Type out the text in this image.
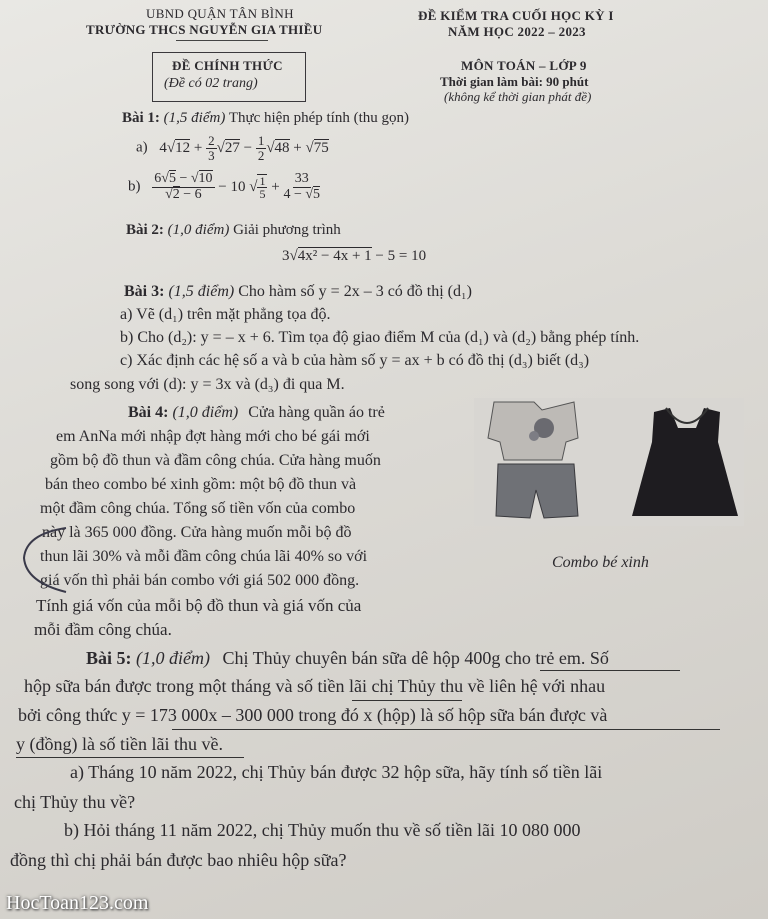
UBND QUẬN TÂN BÌNH
TRƯỜNG THCS NGUYỄN GIA THIỀU
ĐỀ KIỂM TRA CUỐI HỌC KỲ I
NĂM HỌC 2022 – 2023
ĐỀ CHÍNH THỨC
(Đề có 02 trang)
MÔN TOÁN – LỚP 9
Thời gian làm bài: 90 phút
(không kể thời gian phát đề)
Bài 1: (1,5 điểm) Thực hiện phép tính (thu gọn)
a) $4√12 + \frac{2}{3} √27 - \frac{1}{2} √48 + √75$
$b) \frac{6√5 - √10}{√2 - 6} - 10$ √ $\frac{1}{5} + \frac{33}{4 - √5}$
Bài 2: (1,0 điểm) Giải phương trình
3√4x² − 4x + 1 − 5 = 10
Bài 3: (1,5 điểm) Cho hàm số y = 2x – 3 có đồ thị (d₁)
a) Vẽ (d₁) trên mặt phẳng tọa độ.
b) Cho (d₂): y = – x + 6. Tìm tọa độ giao điểm M của (d₁) và (d₂) bằng phép tính.
c) Xác định các hệ số a và b của hàm số y = ax + b có đồ thị (d₃) biết (d₃)
song song với (d): y = 3x và (d₃) đi qua M.
Bài 4: (1,0 điểm) Cửa hàng quần áo trẻ
em AnNa mới nhập đợt hàng mới cho bé gái mới
gồm bộ đồ thun và đầm công chúa. Cửa hàng muốn
bán theo combo bé xinh gồm: một bộ đồ thun và
một đầm công chúa. Tổng số tiền vốn của combo
này là 365 000 đồng. Cửa hàng muốn mỗi bộ đồ
thun lãi 30% và mỗi đầm công chúa lãi 40% so với
giá vốn thì phải bán combo với giá 502 000 đồng.
Tính giá vốn của mỗi bộ đồ thun và giá vốn của
mỗi đầm công chúa.
Combo bé xinh
Bài 5: (1,0 điểm) Chị Thủy chuyên bán sữa dê hộp 400g cho trẻ em. Số
hộp sữa bán được trong một tháng và số tiền lãi chị Thủy thu về liên hệ với nhau
bởi công thức y = 173 000x – 300 000 trong đó x (hộp) là số hộp sữa bán được và
y (đồng) là số tiền lãi thu về.
a) Tháng 10 năm 2022, chị Thủy bán được 32 hộp sữa, hãy tính số tiền lãi
chị Thủy thu về?
b) Hỏi tháng 11 năm 2022, chị Thủy muốn thu về số tiền lãi 10 080 000
đồng thì chị phải bán được bao nhiêu hộp sữa?
HocToan123.com
